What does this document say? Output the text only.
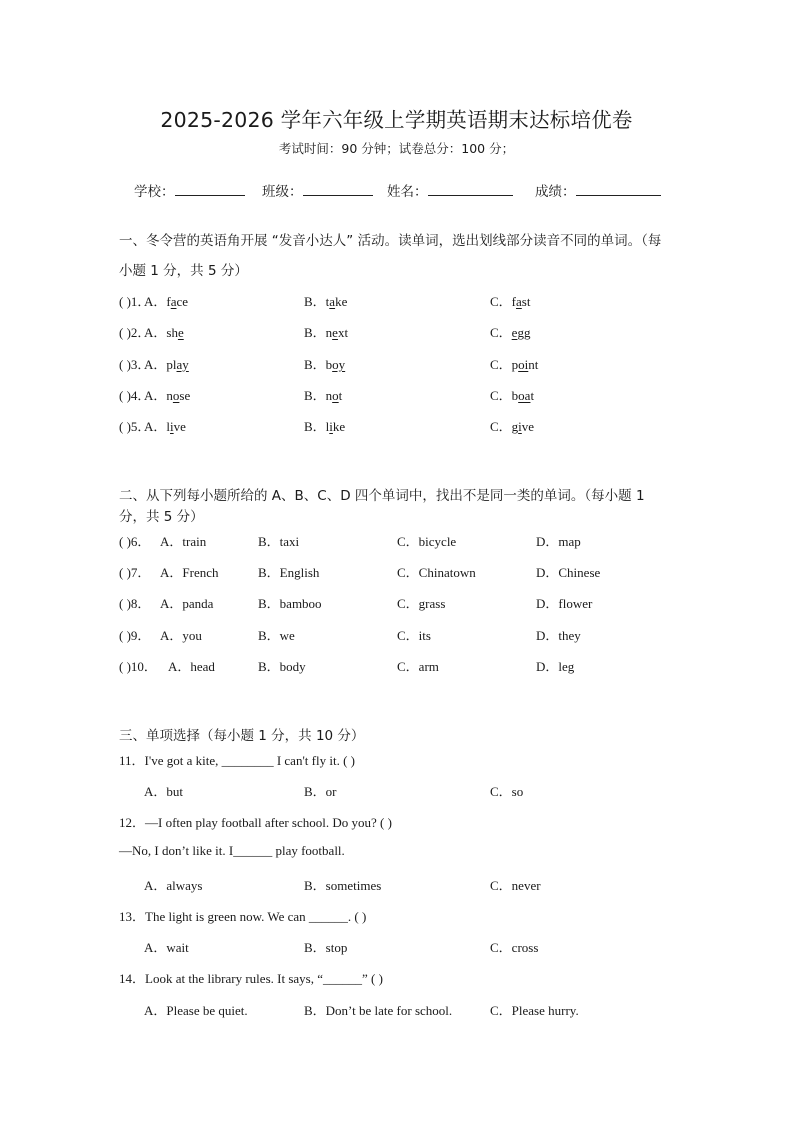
2025-2026 学年六年级上学期英语期末达标培优卷
考试时间：90 分钟；试卷总分：100 分；
学校：	班级：	姓名：	成绩：
一、冬令营的英语角开展 “发音小达人” 活动。读单词，选出划线部分读音不同的单词。（每
小题 1 分，共 5 分）
( )1．
A．face	B．take	C．fast
( )2．
A．she	B．next	C．egg
( )3．
A．play	B．boy	C．point
( )4．
A．nose	B．not	C．boat
( )5．
A．live	B．like	C．give
二、从下列每小题所给的 A、B、C、D 四个单词中，找出不是同一类的单词。（每小题 1
分，共 5 分）
( )6． A．train	B．taxi	C．bicycle	D．map
( )7． A．French	B．English	C．Chinatown	D．Chinese
( )8． A．panda	B．bamboo	C．grass	D．flower
( )9． A．you	B．we	C．its	D．they
( )10． A．head	B．body	C．arm	D．leg
三、单项选择（每小题 1 分，共 10 分）
11．I've got a kite, ________ I can't fly it. ( )
A．but	B．or	C．so
12．—I often play football after school. Do you? ( )
—No, I don’t like it. I______ play football.
A．always	B．sometimes	C．never
13．The light is green now. We can ______. ( )
A．wait	B．stop	C．cross
14．Look at the library rules. It says, “______” ( )
A．Please be quiet.	B．Don’t be late for school.	C．Please hurry.
